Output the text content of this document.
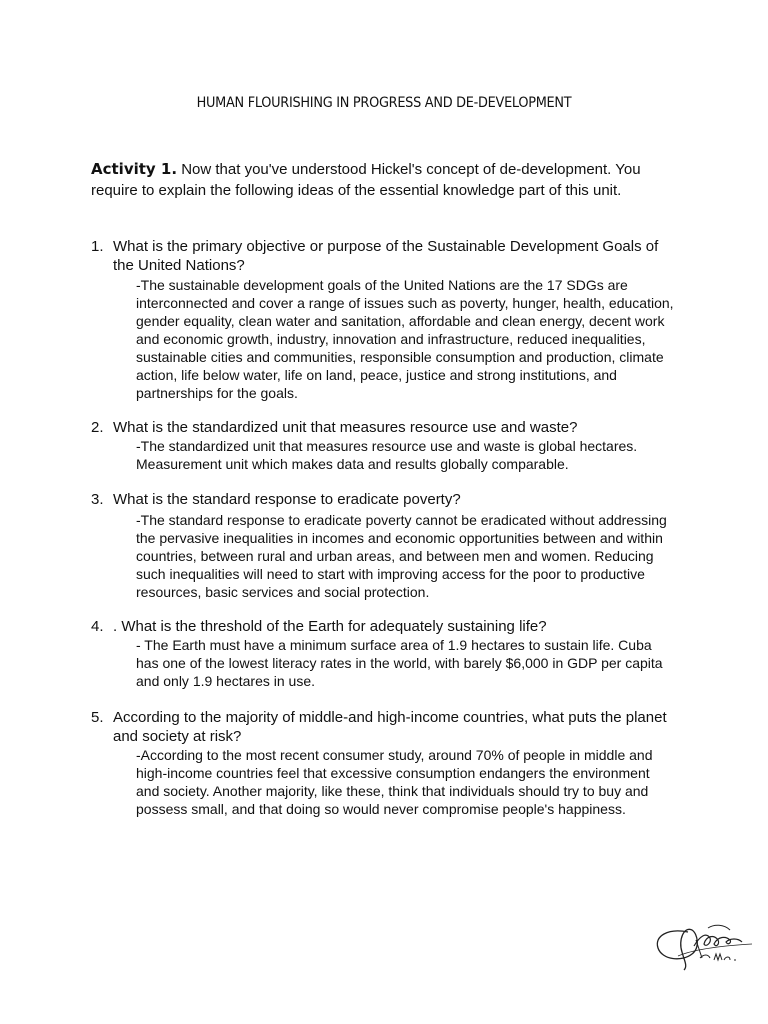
HUMAN FLOURISHING IN PROGRESS AND DE-DEVELOPMENT
Activity 1. Now that you've understood Hickel's concept of de-development. You require to explain the following ideas of the essential knowledge part of this unit.
1. What is the primary objective or purpose of the Sustainable Development Goals of the United Nations?
-The sustainable development goals of the United Nations are the 17 SDGs are interconnected and cover a range of issues such as poverty, hunger, health, education, gender equality, clean water and sanitation, affordable and clean energy, decent work and economic growth, industry, innovation and infrastructure, reduced inequalities, sustainable cities and communities, responsible consumption and production, climate action, life below water, life on land, peace, justice and strong institutions, and partnerships for the goals.
2. What is the standardized unit that measures resource use and waste?
-The standardized unit that measures resource use and waste is global hectares. Measurement unit which makes data and results globally comparable.
3. What is the standard response to eradicate poverty?
-The standard response to eradicate poverty cannot be eradicated without addressing the pervasive inequalities in incomes and economic opportunities between and within countries, between rural and urban areas, and between men and women. Reducing such inequalities will need to start with improving access for the poor to productive resources, basic services and social protection.
4. . What is the threshold of the Earth for adequately sustaining life?
- The Earth must have a minimum surface area of 1.9 hectares to sustain life. Cuba has one of the lowest literacy rates in the world, with barely $6,000 in GDP per capita and only 1.9 hectares in use.
5. According to the majority of middle-and high-income countries, what puts the planet and society at risk?
-According to the most recent consumer study, around 70% of people in middle and high-income countries feel that excessive consumption endangers the environment and society. Another majority, like these, think that individuals should try to buy and possess small, and that doing so would never compromise people's happiness.
